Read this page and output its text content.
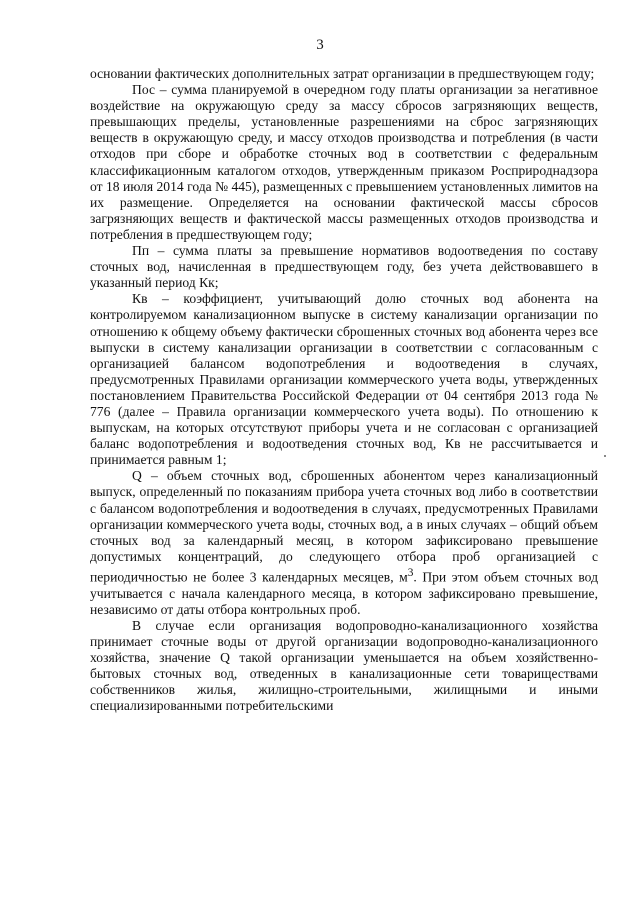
3

основании фактических дополнительных затрат организации в предшествующем году;

Пос – сумма планируемой в очередном году платы организации за негативное воздействие на окружающую среду за массу сбросов загрязняющих веществ, превышающих пределы, установленные разрешениями на сброс загрязняющих веществ в окружающую среду, и массу отходов производства и потребления (в части отходов при сборе и обработке сточных вод в соответствии с федеральным классификационным каталогом отходов, утвержденным приказом Росприроднадзора от 18 июля 2014 года № 445), размещенных с превышением установленных лимитов на их размещение. Определяется на основании фактической массы сбросов загрязняющих веществ и фактической массы размещенных отходов производства и потребления в предшествующем году;

Пп – сумма платы за превышение нормативов водоотведения по составу сточных вод, начисленная в предшествующем году, без учета действовавшего в указанный период Кк;

Кв – коэффициент, учитывающий долю сточных вод абонента на контролируемом канализационном выпуске в систему канализации организации по отношению к общему объему фактически сброшенных сточных вод абонента через все выпуски в систему канализации организации в соответствии с согласованным с организацией балансом водопотребления и водоотведения в случаях, предусмотренных Правилами организации коммерческого учета воды, утвержденных постановлением Правительства Российской Федерации от 04 сентября 2013 года № 776 (далее – Правила организации коммерческого учета воды). По отношению к выпускам, на которых отсутствуют приборы учета и не согласован с организацией баланс водопотребления и водоотведения сточных вод, Кв не рассчитывается и принимается равным 1;

Q – объем сточных вод, сброшенных абонентом через канализационный выпуск, определенный по показаниям прибора учета сточных вод либо в соответствии с балансом водопотребления и водоотведения в случаях, предусмотренных Правилами организации коммерческого учета воды, сточных вод, а в иных случаях – общий объем сточных вод за календарный месяц, в котором зафиксировано превышение допустимых концентраций, до следующего отбора проб организацией с периодичностью не более 3 календарных месяцев, $м^3$. При этом объем сточных вод учитывается с начала календарного месяца, в котором зафиксировано превышение, независимо от даты отбора контрольных проб.

В случае если организация водопроводно-канализационного хозяйства принимает сточные воды от другой организации водопроводно-канализационного хозяйства, значение Q такой организации уменьшается на объем хозяйственно-бытовых сточных вод, отведенных в канализационные сети товариществами собственников жилья, жилищно-строительными, жилищными и иными специализированными потребительскими
